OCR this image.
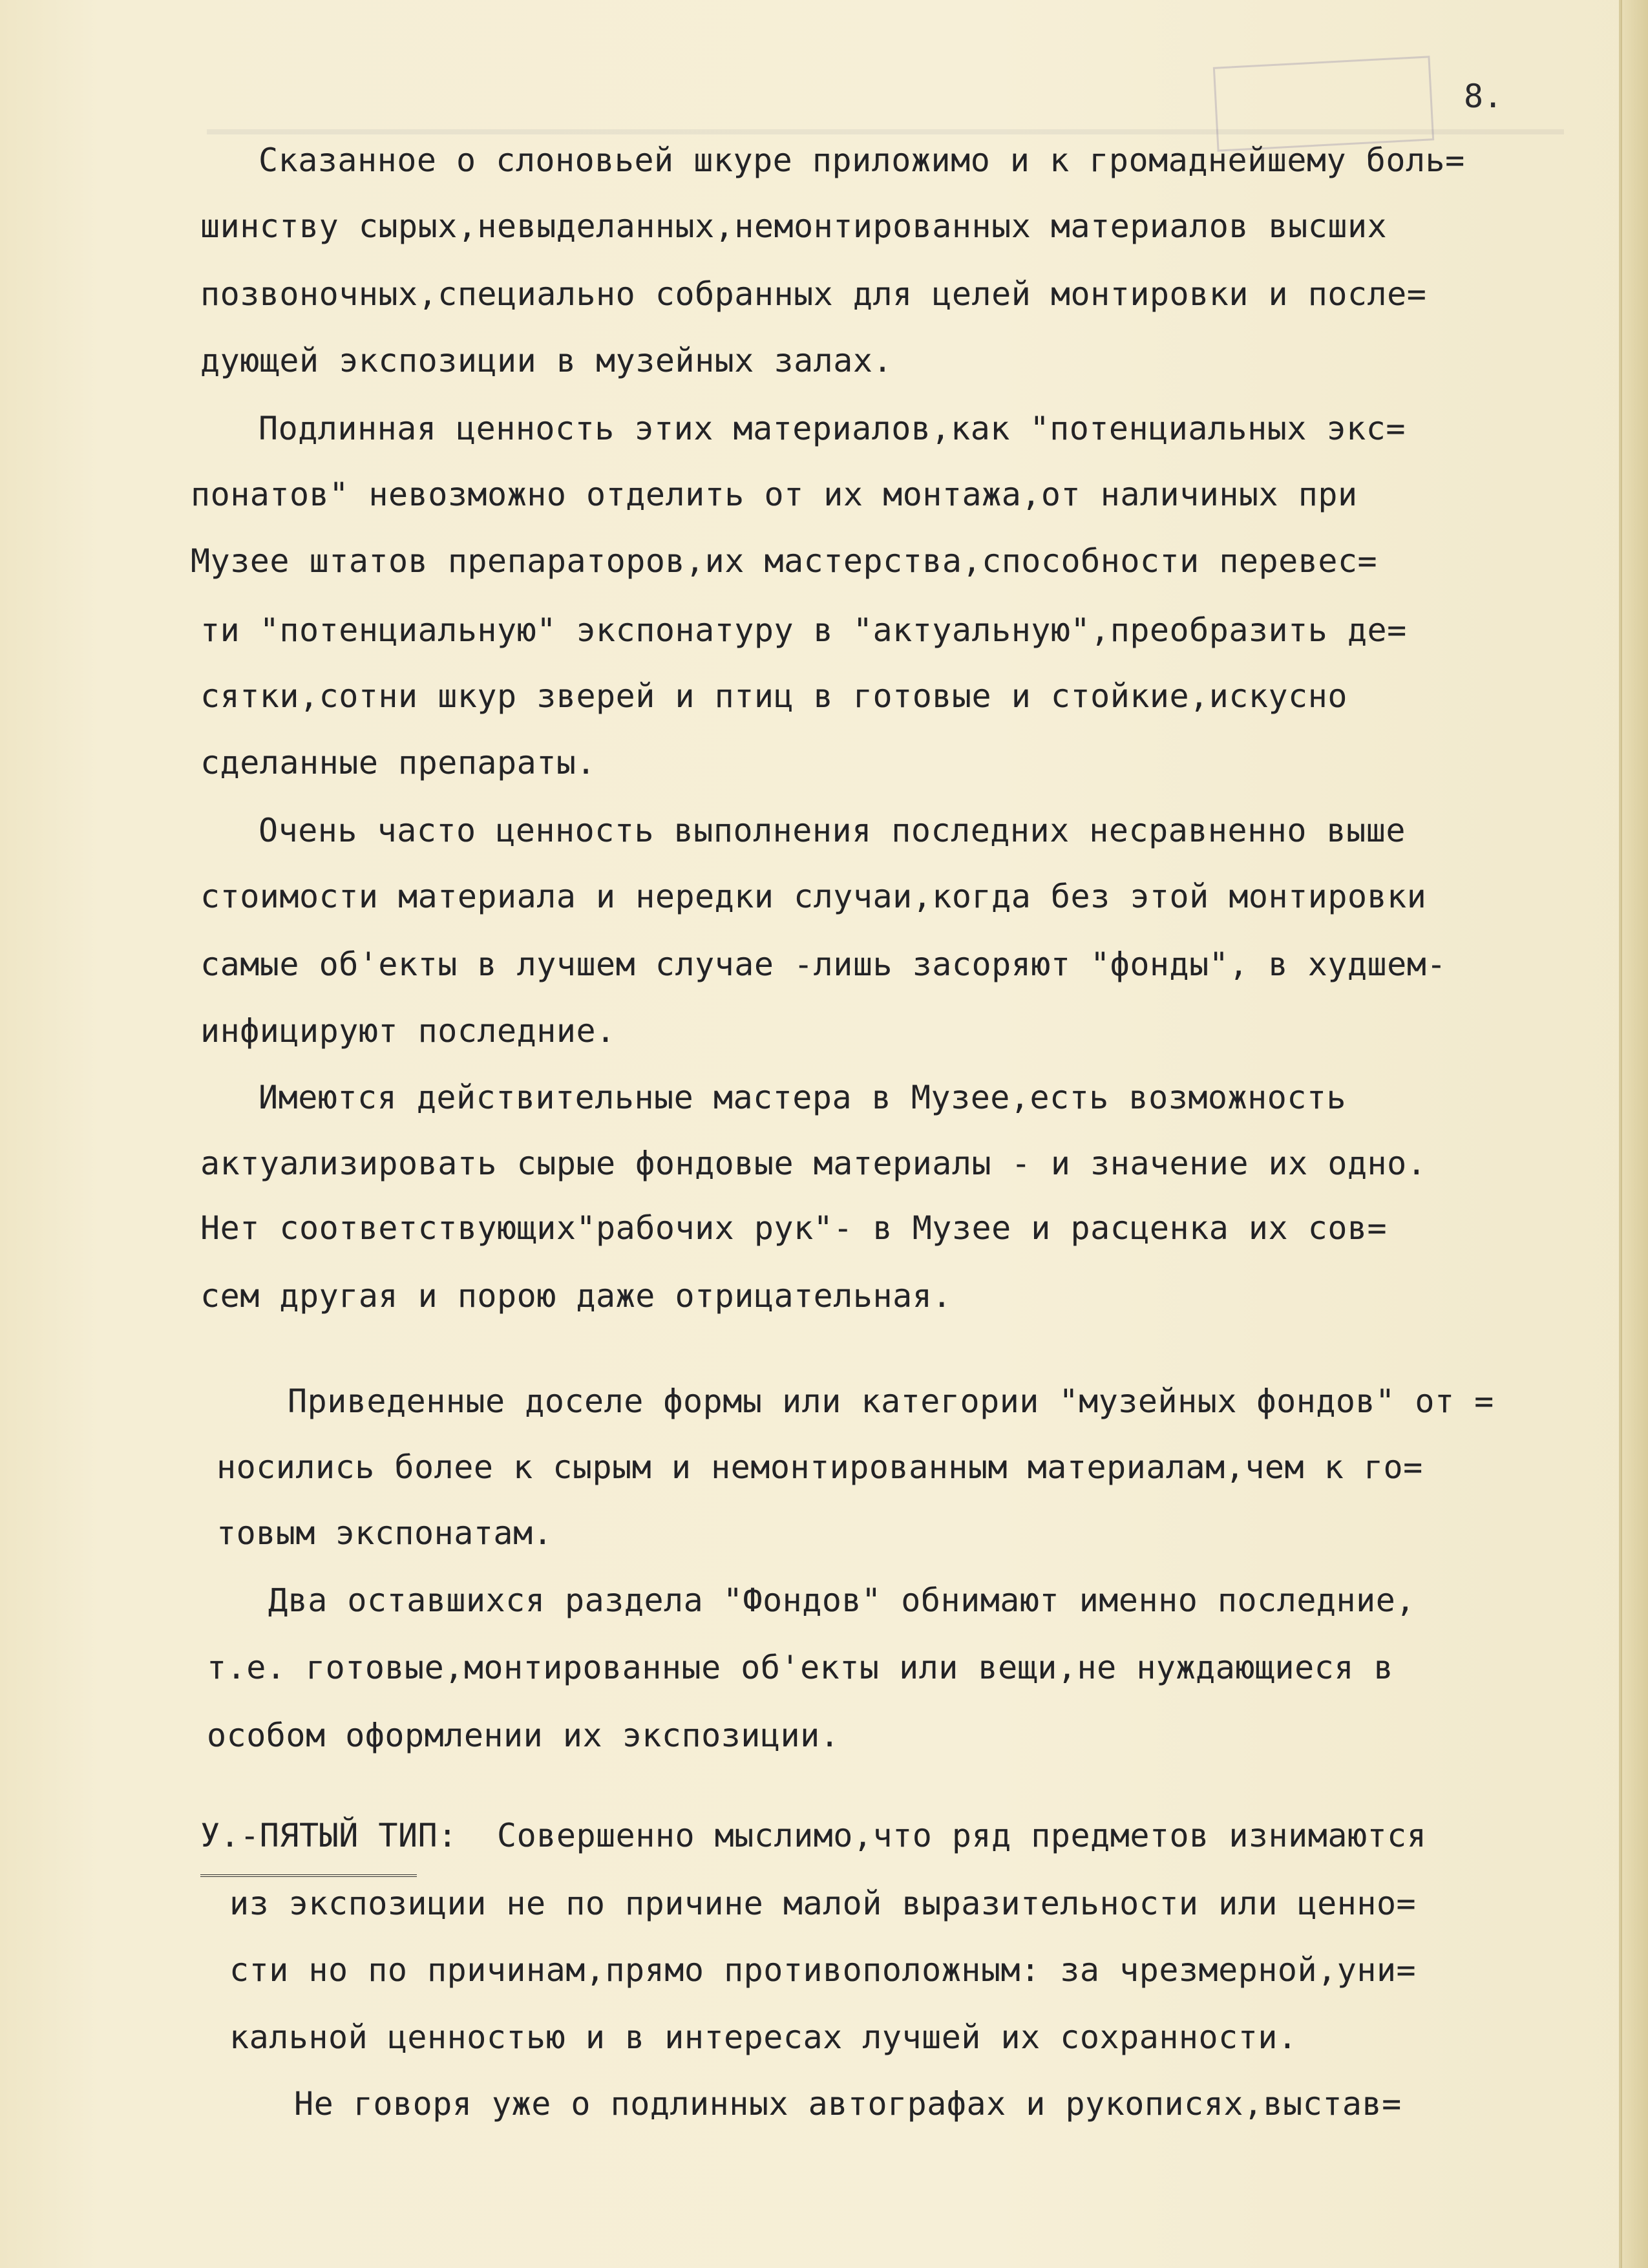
8.
Сказанное о слоновьей шкуре приложимо и к громаднейшему боль=
шинству сырых,невыделанных,немонтированных материалов высших
позвоночных,специально собранных для целей монтировки и после=
дующей экспозиции в музейных залах.
Подлинная ценность этих материалов,как "потенциальных экс=
понатов" невозможно отделить от их монтажа,от наличиных при
Музее штатов препараторов,их мастерства,способности перевес=
ти "потенциальную" экспонатуру в "актуальную",преобразить де=
сятки,сотни шкур зверей и птиц в готовые и стойкие,искусно
сделанные препараты.
Очень часто ценность выполнения последних несравненно выше
стоимости материала и нередки случаи,когда без этой монтировки
самые об'екты в лучшем случае -лишь засоряют "фонды", в худшем-
инфицируют последние.
Имеются действительные мастера в Музее,есть возможность
актуализировать сырые фондовые материалы - и значение их одно.
Нет соответствующих"рабочих рук"- в Музее и расценка их сов=
сем другая и порою даже отрицательная.
Приведенные доселе формы или категории "музейных фондов" от =
носились более к сырым и немонтированным материалам,чем к го=
товым экспонатам.
Два оставшихся раздела "Фондов" обнимают именно последние,
т.е. готовые,монтированные об'екты или вещи,не нуждающиеся в
особом оформлении их экспозиции.
У.-ПЯТЫЙ ТИП:  Совершенно мыслимо,что ряд предметов изнимаются
из экспозиции не по причине малой выразительности или ценно=
сти но по причинам,прямо противоположным: за чрезмерной,уни=
кальной ценностью и в интересах лучшей их сохранности.
Не говоря уже о подлинных автографах и рукописях,выстав=
